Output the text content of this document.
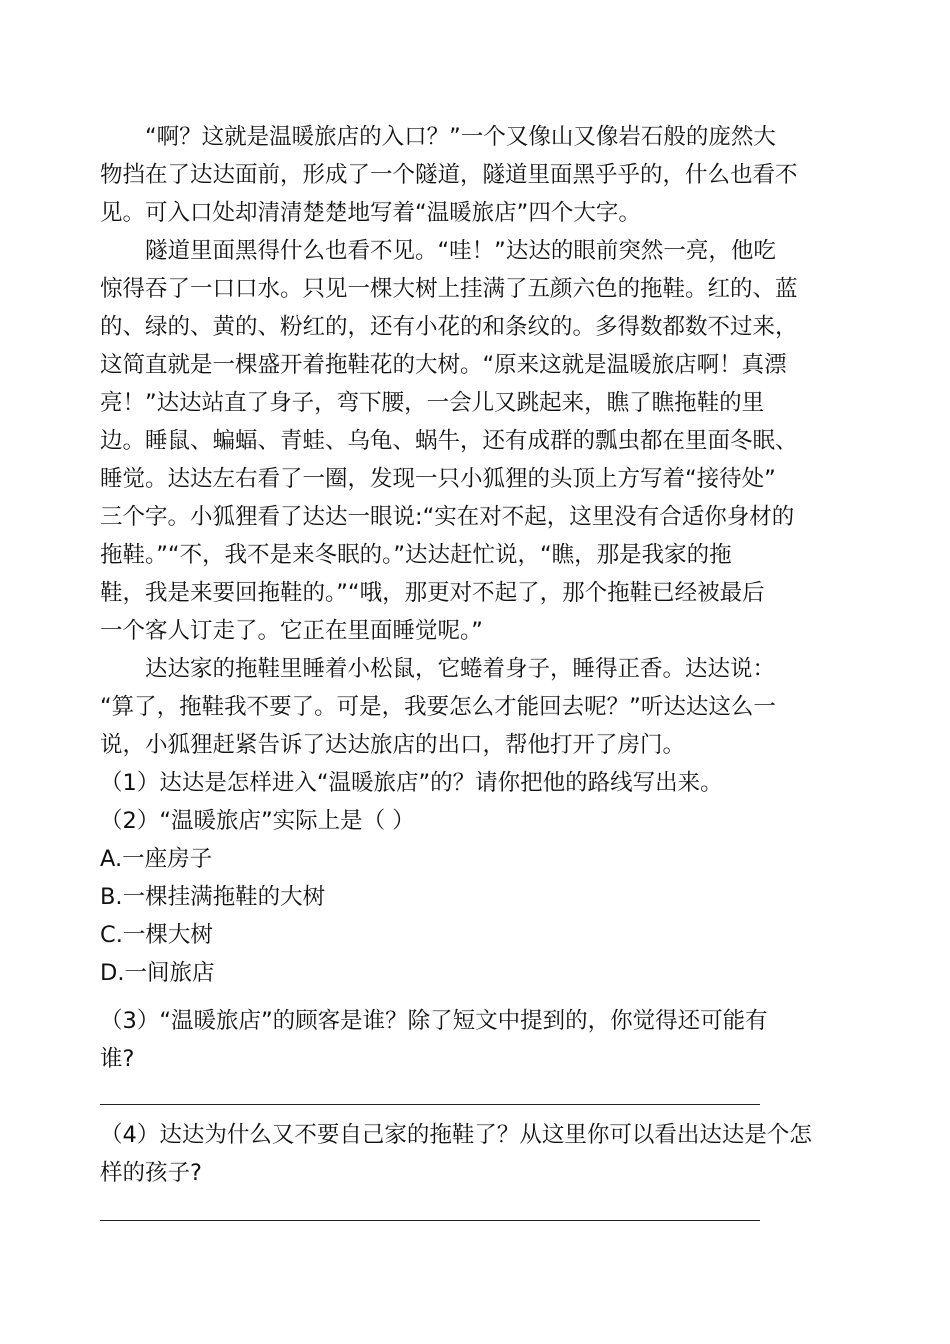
“啊？这就是温暖旅店的入口？”一个又像山又像岩石般的庞然大
物挡在了达达面前，形成了一个隧道，隧道里面黑乎乎的，什么也看不
见。可入口处却清清楚楚地写着“温暖旅店”四个大字。
隧道里面黑得什么也看不见。“哇！”达达的眼前突然一亮，他吃
惊得吞了一口口水。只见一棵大树上挂满了五颜六色的拖鞋。红的、蓝
的、绿的、黄的、粉红的，还有小花的和条纹的。多得数都数不过来，
这简直就是一棵盛开着拖鞋花的大树。“原来这就是温暖旅店啊！真漂
亮！”达达站直了身子，弯下腰，一会儿又跳起来，瞧了瞧拖鞋的里
边。睡鼠、蝙蝠、青蛙、乌龟、蜗牛，还有成群的瓢虫都在里面冬眠、
睡觉。达达左右看了一圈，发现一只小狐狸的头顶上方写着“接待处”
三个字。小狐狸看了达达一眼说:“实在对不起，这里没有合适你身材的
拖鞋。”“不，我不是来冬眠的。”达达赶忙说，“瞧，那是我家的拖
鞋，我是来要回拖鞋的。”“哦，那更对不起了，那个拖鞋已经被最后
一个客人订走了。它正在里面睡觉呢。”
达达家的拖鞋里睡着小松鼠，它蜷着身子，睡得正香。达达说：
“算了，拖鞋我不要了。可是，我要怎么才能回去呢？”听达达这么一
说，小狐狸赶紧告诉了达达旅店的出口，帮他打开了房门。
（1）达达是怎样进入“温暖旅店”的？请你把他的路线写出来。
（2）“温暖旅店”实际上是（ ）
A.一座房子
B.一棵挂满拖鞋的大树
C.一棵大树
D.一间旅店
（3）“温暖旅店”的顾客是谁？除了短文中提到的，你觉得还可能有
谁?
（4）达达为什么又不要自己家的拖鞋了？从这里你可以看出达达是个怎
样的孩子?
